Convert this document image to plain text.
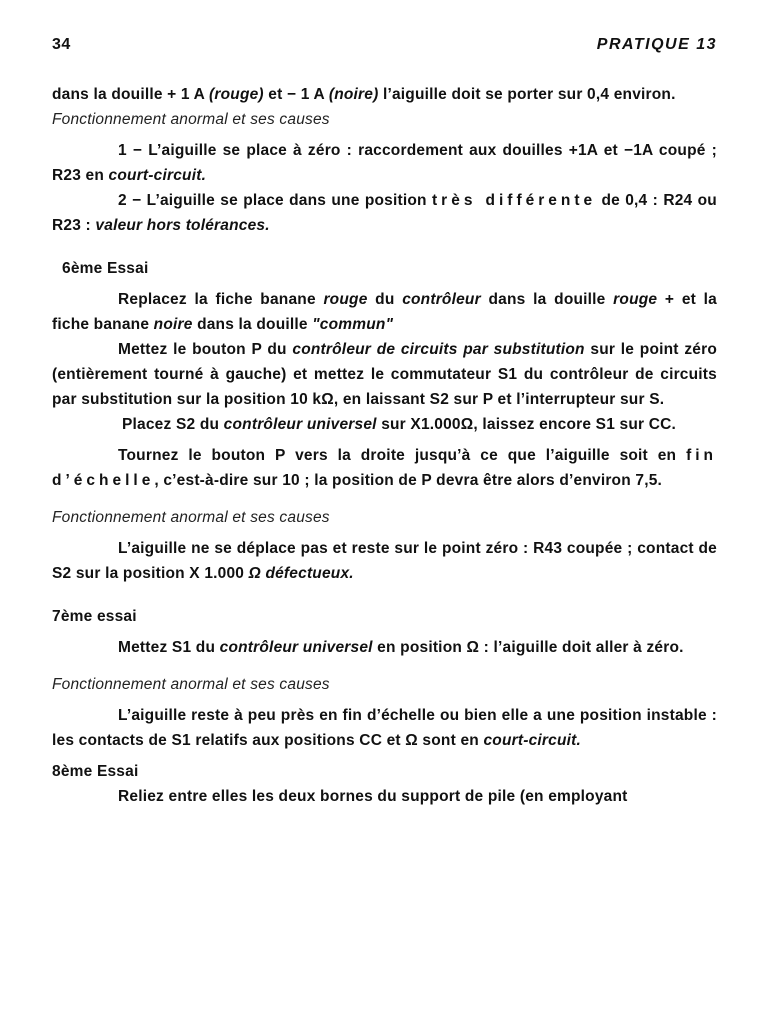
34	PRATIQUE 13

dans la douille + 1 A (rouge) et − 1 A (noire) l’aiguille doit se porter sur 0,4 environ.

Fonctionnement anormal et ses causes

1 − L’aiguille se place à zéro : raccordement aux douilles +1A et −1A coupé ; R23 en court-circuit.

2 − L’aiguille se place dans une position très différente de 0,4 : R24 ou R23 : valeur hors tolérances.

6ème Essai

Replacez la fiche banane rouge du contrôleur dans la douille rouge + et la fiche banane noire dans la douille "commun"

Mettez le bouton P du contrôleur de circuits par substitution sur le point zéro (entièrement tourné à gauche) et mettez le commutateur S1 du contrôleur de circuits par substitution sur la position 10 kΩ, en laissant S2 sur P et l’interrupteur sur S.

Placez S2 du contrôleur universel sur X1.000Ω, laissez encore S1 sur CC.

Tournez le bouton P vers la droite jusqu’à ce que l’aiguille soit en fin d’échelle, c’est-à-dire sur 10 ; la position de P devra être alors d’environ 7,5.

Fonctionnement anormal et ses causes

L’aiguille ne se déplace pas et reste sur le point zéro : R43 coupée ; contact de S2 sur la position X 1.000 Ω défectueux.

7ème essai

Mettez S1 du contrôleur universel en position Ω : l’aiguille doit aller à zéro.

Fonctionnement anormal et ses causes

L’aiguille reste à peu près en fin d’échelle ou bien elle a une position instable : les contacts de S1 relatifs aux positions CC et Ω sont en court-circuit.

8ème Essai

Reliez entre elles les deux bornes du support de pile (en employant
